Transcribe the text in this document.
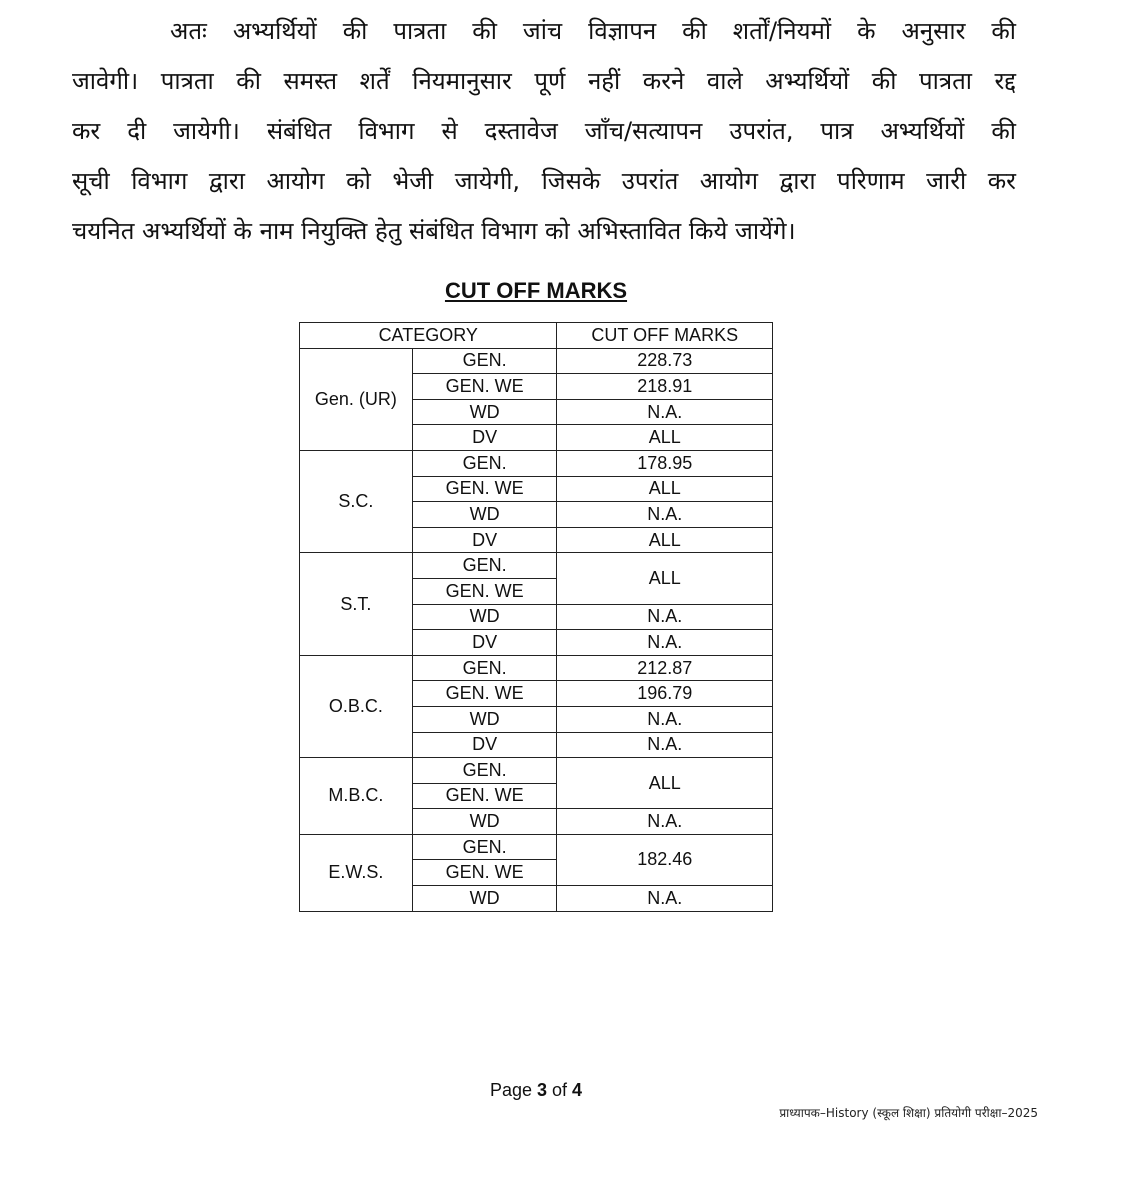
अतः अभ्यर्थियों की पात्रता की जांच विज्ञापन की शर्तों/नियमों के अनुसार की
जावेगी। पात्रता की समस्त शर्तें नियमानुसार पूर्ण नहीं करने वाले अभ्यर्थियों की पात्रता रद्द
कर दी जायेगी। संबंधित विभाग से दस्तावेज जाँच/सत्यापन उपरांत, पात्र अभ्यर्थियों की
सूची विभाग द्वारा आयोग को भेजी जायेगी, जिसके उपरांत आयोग द्वारा परिणाम जारी कर
चयनित अभ्यर्थियों के नाम नियुक्ति हेतु संबंधित विभाग को अभिस्तावित किये जायेंगे।
CUT OFF MARKS
CATEGORY		CUT OFF MARKS
Gen. (UR)	GEN.	228.73
	GEN. WE	218.91
	WD	N.A.
	DV	ALL
S.C.	GEN.	178.95
	GEN. WE	ALL
	WD	N.A.
	DV	ALL
S.T.	GEN.	ALL
	GEN. WE	
	WD	N.A.
	DV	N.A.
O.B.C.	GEN.	212.87
	GEN. WE	196.79
	WD	N.A.
	DV	N.A.
M.B.C.	GEN.	ALL
	GEN. WE	
	WD	N.A.
E.W.S.	GEN.	182.46
	GEN. WE	
	WD	N.A.
Page 3 of 4
प्राध्यापक–History (स्कूल शिक्षा) प्रतियोगी परीक्षा–2025
